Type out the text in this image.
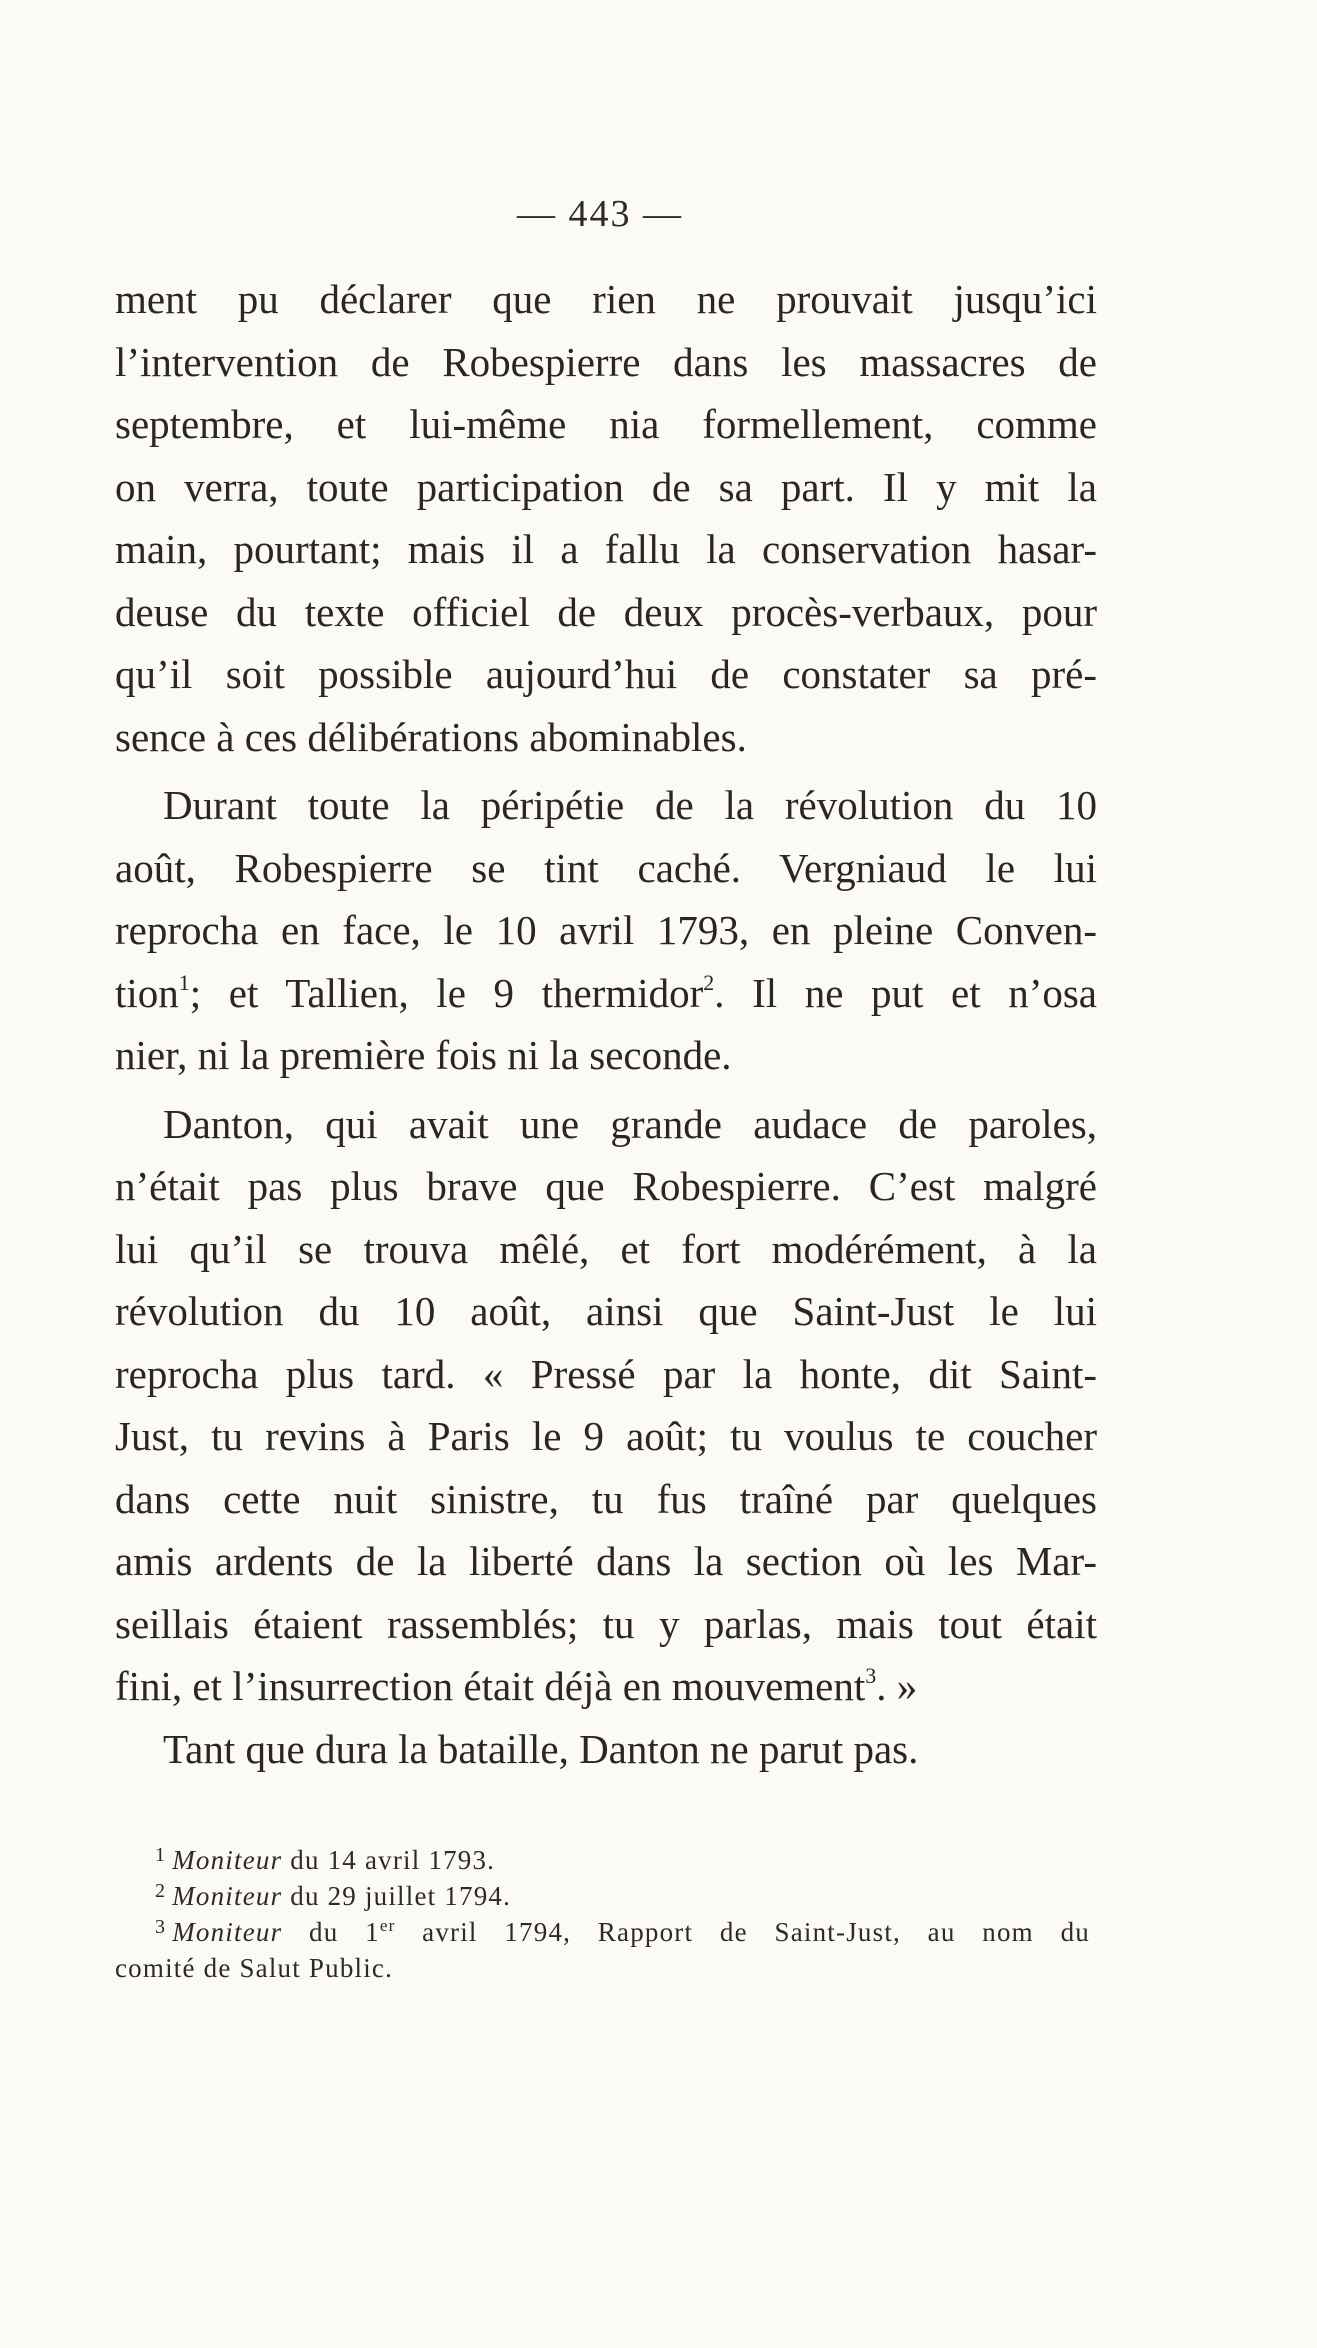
— 443 —
ment pu déclarer que rien ne prouvait jusqu’ici
l’intervention de Robespierre dans les massacres de
septembre, et lui-même nia formellement, comme
on verra, toute participation de sa part. Il y mit la
main, pourtant; mais il a fallu la conservation hasar-
deuse du texte officiel de deux procès-verbaux, pour
qu’il soit possible aujourd’hui de constater sa pré-
sence à ces délibérations abominables.
Durant toute la péripétie de la révolution du 10
août, Robespierre se tint caché. Vergniaud le lui
reprocha en face, le 10 avril 1793, en pleine Conven-
tion$^1$; et Tallien, le 9 thermidor$^2$. Il ne put et n’osa
nier, ni la première fois ni la seconde.
Danton, qui avait une grande audace de paroles,
n’était pas plus brave que Robespierre. C’est malgré
lui qu’il se trouva mêlé, et fort modérément, à la
révolution du 10 août, ainsi que Saint-Just le lui
reprocha plus tard. « Pressé par la honte, dit Saint-
Just, tu revins à Paris le 9 août; tu voulus te coucher
dans cette nuit sinistre, tu fus traîné par quelques
amis ardents de la liberté dans la section où les Mar-
seillais étaient rassemblés; tu y parlas, mais tout était
fini, et l’insurrection était déjà en mouvement$^3$. »
Tant que dura la bataille, Danton ne parut pas.
$^1$ Moniteur du 14 avril 1793.
$^2$ Moniteur du 29 juillet 1794.
$^3$ Moniteur du 1er avril 1794, Rapport de Saint-Just, au nom du
comité de Salut Public.
